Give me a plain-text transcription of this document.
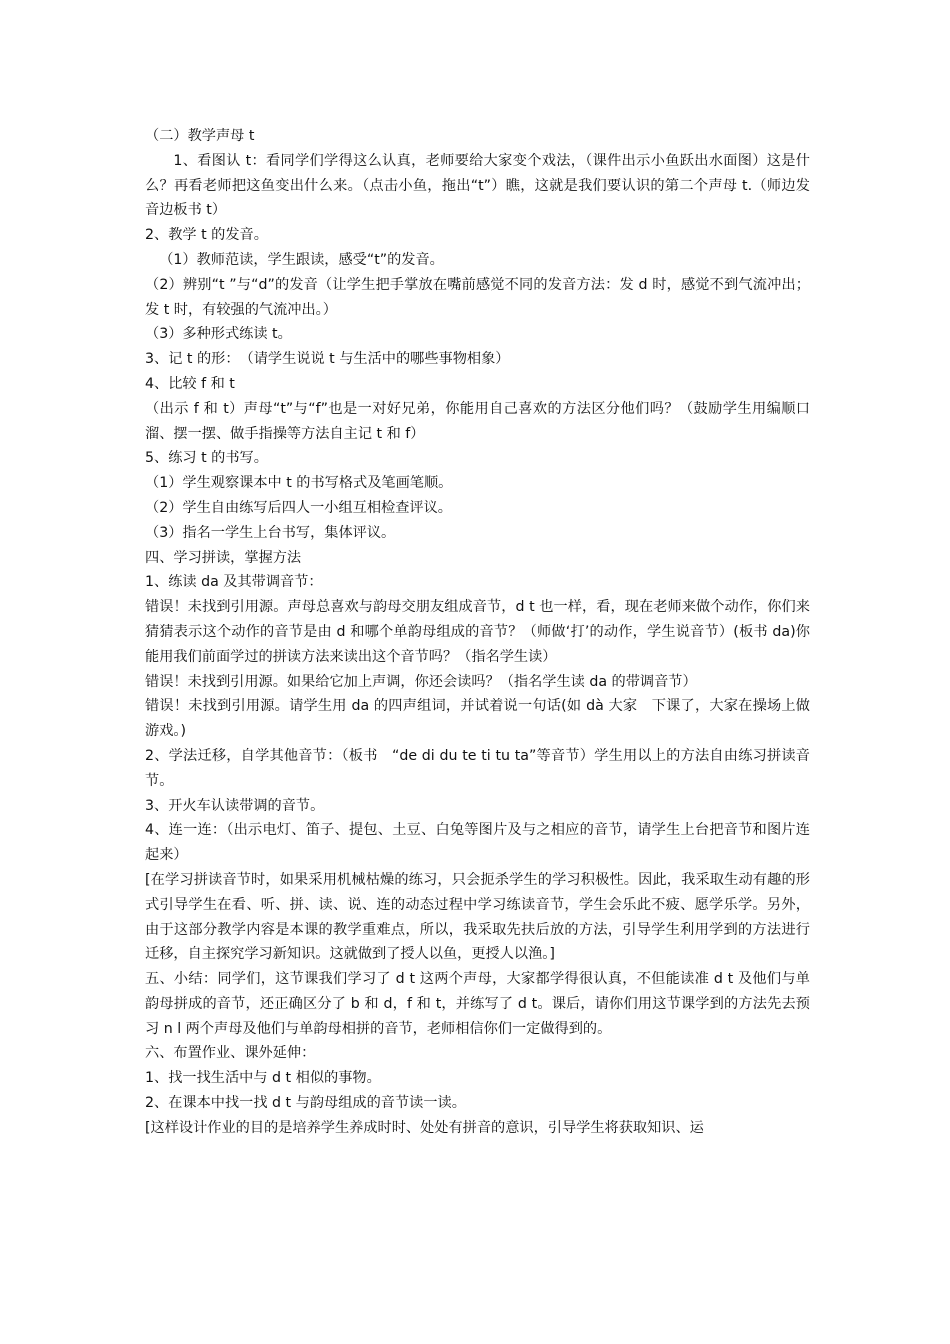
（二）教学声母 t

1、看图认 t：看同学们学得这么认真，老师要给大家变个戏法，（课件出示小鱼跃出水面图）这是什么？再看老师把这鱼变出什么来。（点击小鱼，拖出“t”）瞧，这就是我们要认识的第二个声母 t.（师边发音边板书 t）

2、教学 t 的发音。

（1）教师范读，学生跟读，感受“t”的发音。

（2）辨别“t ”与“d”的发音（让学生把手掌放在嘴前感觉不同的发音方法：发 d 时，感觉不到气流冲出；发 t 时，有较强的气流冲出。）

（3）多种形式练读 t。

3、记 t 的形：　（请学生说说 t 与生活中的哪些事物相象）

4、比较 f 和 t

（出示 f 和 t）声母“t”与“f”也是一对好兄弟，你能用自己喜欢的方法区分他们吗？（鼓励学生用编顺口溜、摆一摆、做手指操等方法自主记 t 和 f）

5、练习 t 的书写。

（1）学生观察课本中 t 的书写格式及笔画笔顺。

（2）学生自由练写后四人一小组互相检查评议。

（3）指名一学生上台书写，集体评议。

四、学习拼读，掌握方法

1、练读 da 及其带调音节：

错误！未找到引用源。声母总喜欢与韵母交朋友组成音节，d t 也一样，看，现在老师来做个动作，你们来猜猜表示这个动作的音节是由 d 和哪个单韵母组成的音节？（师做‘打’的动作，学生说音节）(板书 da)你能用我们前面学过的拼读方法来读出这个音节吗？（指名学生读）

错误！未找到引用源。如果给它加上声调，你还会读吗？（指名学生读 da 的带调音节）

错误！未找到引用源。请学生用 da 的四声组词，并试着说一句话(如 dà 大家　下课了，大家在操场上做游戏。)

2、学法迁移，自学其他音节：（板书　“de di du te ti tu ta”等音节）学生用以上的方法自由练习拼读音节。

3、开火车认读带调的音节。

4、连一连：（出示电灯、笛子、提包、土豆、白兔等图片及与之相应的音节，请学生上台把音节和图片连起来）

[在学习拼读音节时，如果采用机械枯燥的练习，只会扼杀学生的学习积极性。因此，我采取生动有趣的形式引导学生在看、听、拼、读、说、连的动态过程中学习练读音节，学生会乐此不疲、愿学乐学。另外，由于这部分教学内容是本课的教学重难点，所以，我采取先扶后放的方法，引导学生利用学到的方法进行迁移，自主探究学习新知识。这就做到了授人以鱼，更授人以渔。]

五、小结：同学们，这节课我们学习了 d t 这两个声母，大家都学得很认真，不但能读准 d t 及他们与单韵母拼成的音节，还正确区分了 b 和 d，f 和 t，并练写了 d t。课后，请你们用这节课学到的方法先去预习 n l 两个声母及他们与单韵母相拼的音节，老师相信你们一定做得到的。

六、布置作业、课外延伸：

1、找一找生活中与 d t 相似的事物。

2、在课本中找一找 d t 与韵母组成的音节读一读。

[这样设计作业的目的是培养学生养成时时、处处有拼音的意识，引导学生将获取知识、运
